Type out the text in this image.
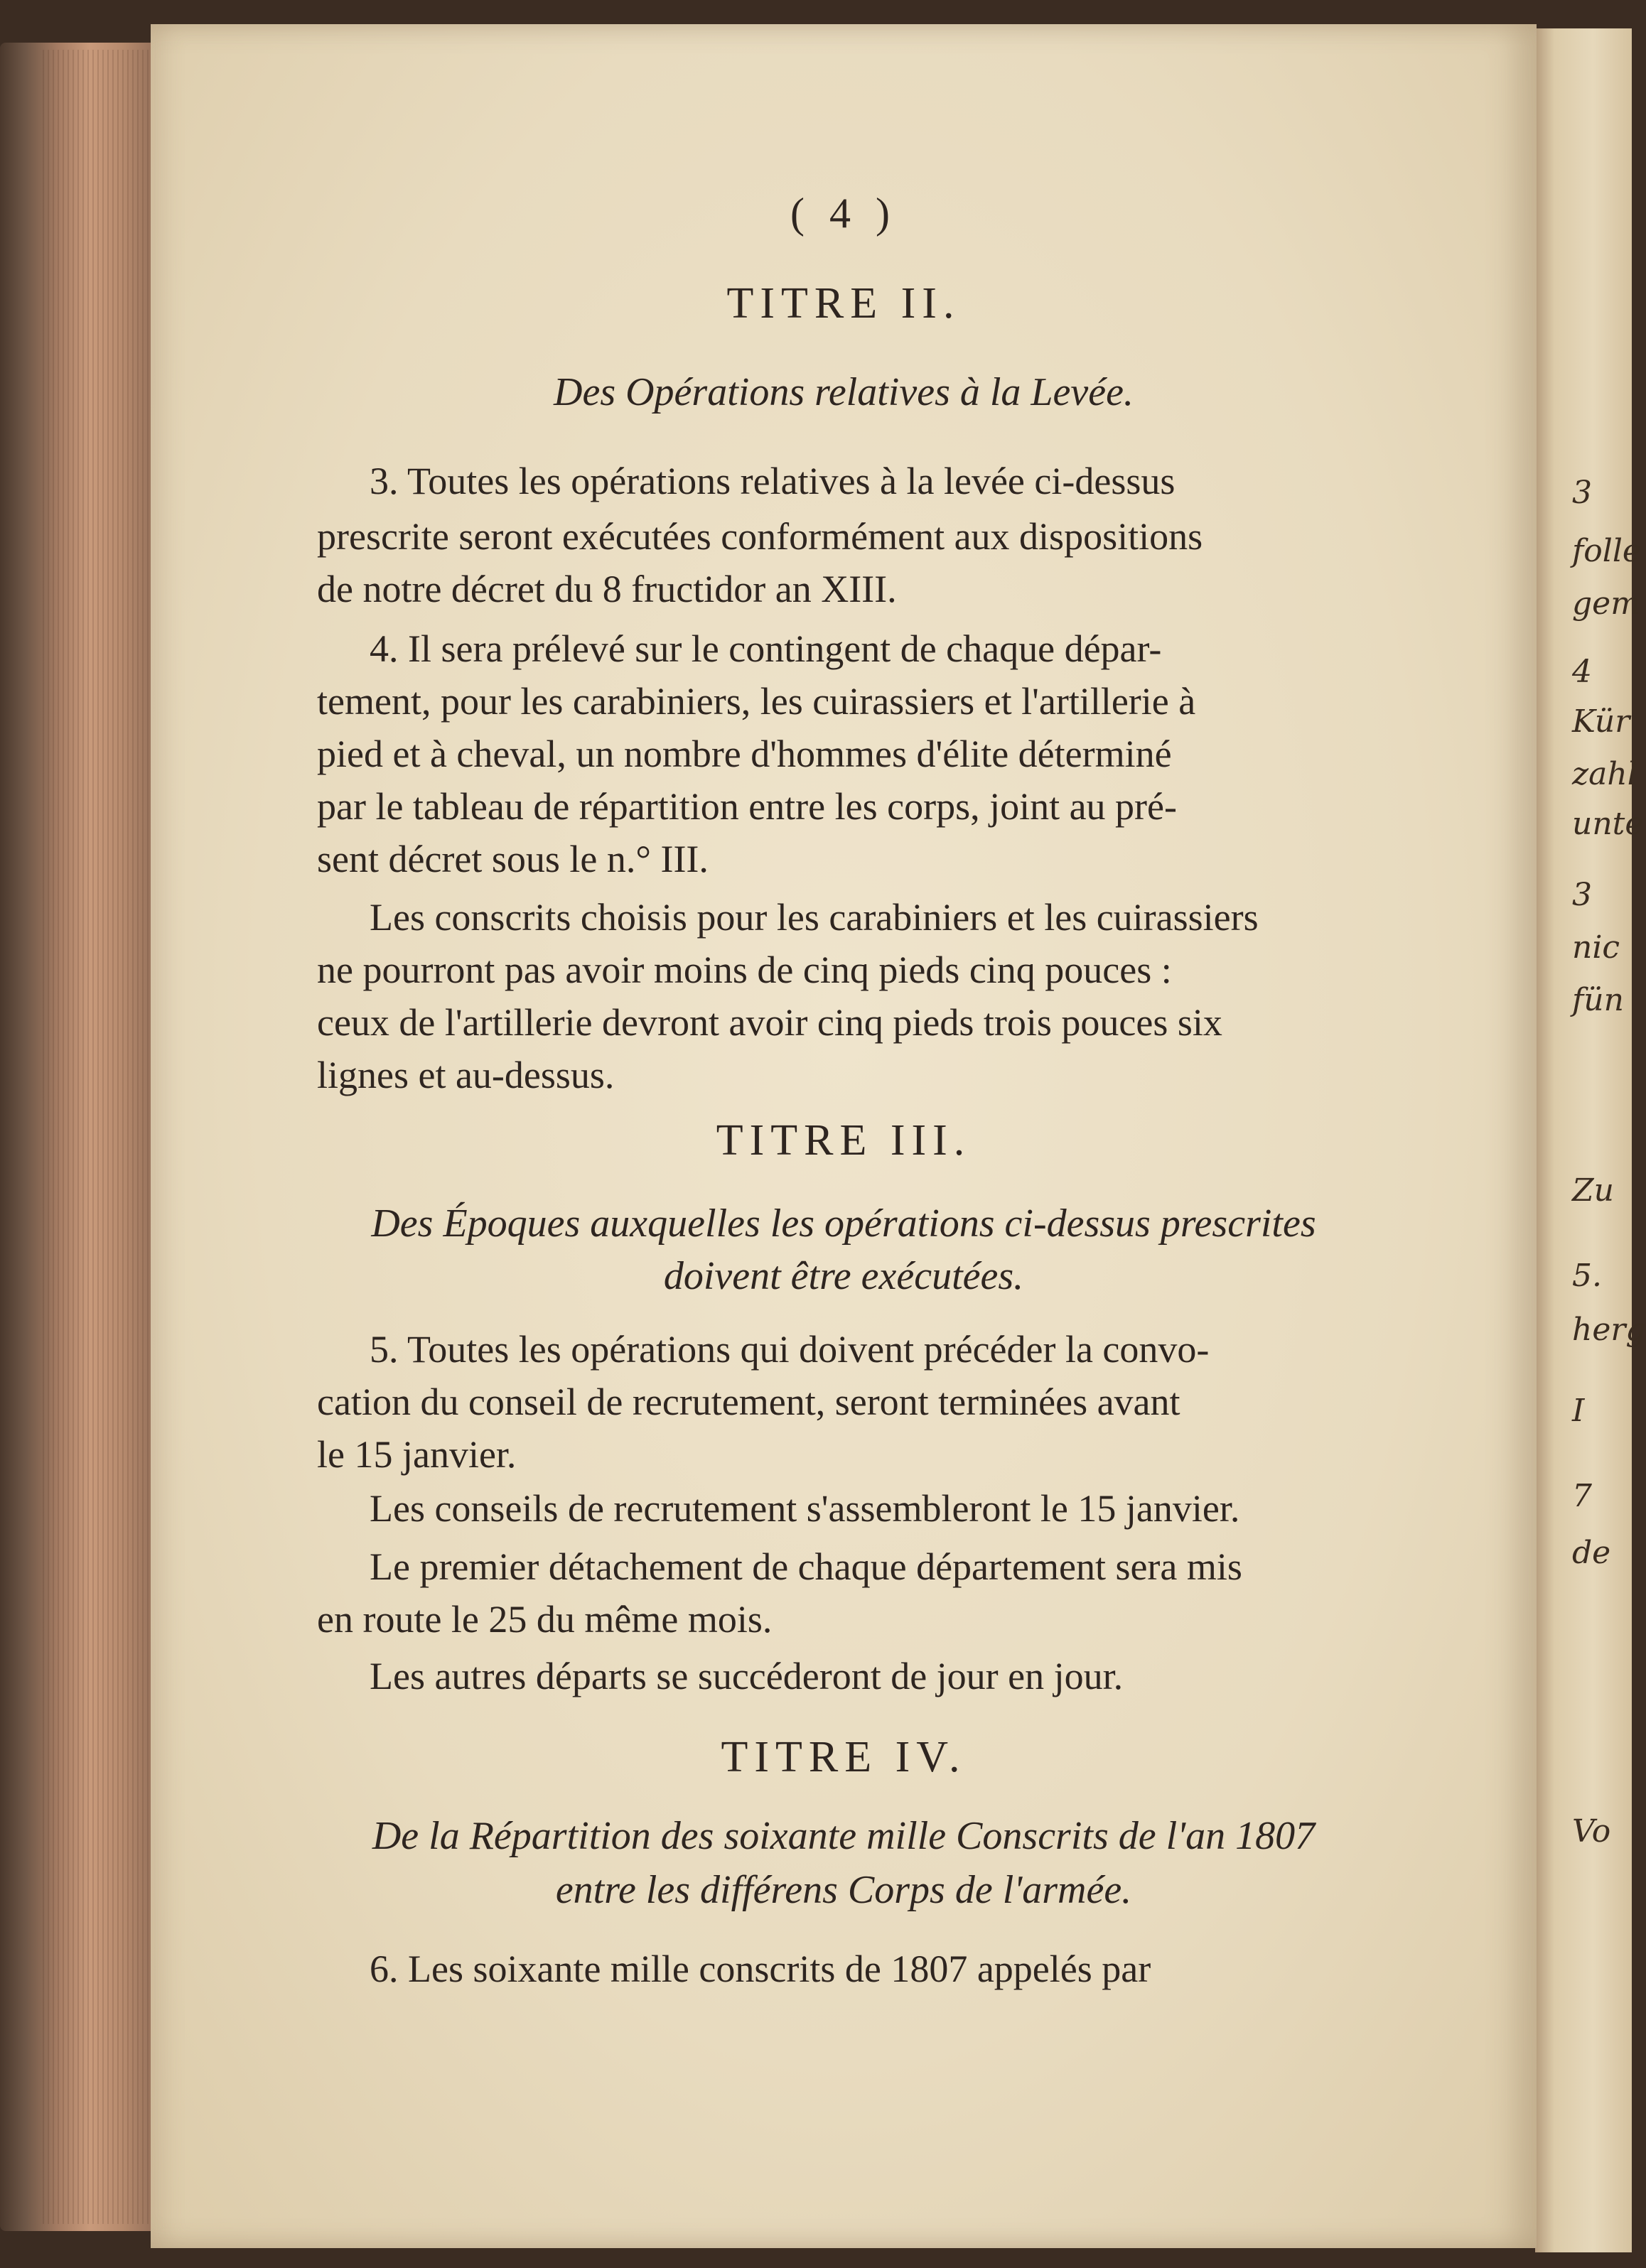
3
folle
gem
4
Kür
zahl
unte
3
nic
fün
Zu
5.
herg
I
7
de
Vo
( 4 )
TITRE II.
Des Opérations relatives à la Levée.
3. Toutes les opérations relatives à la levée ci-dessus
prescrite seront exécutées conformément aux dispositions
de notre décret du 8 fructidor an XIII.
4. Il sera prélevé sur le contingent de chaque dépar-
tement, pour les carabiniers, les cuirassiers et l'artillerie à
pied et à cheval, un nombre d'hommes d'élite déterminé
par le tableau de répartition entre les corps, joint au pré-
sent décret sous le n.° III.
Les conscrits choisis pour les carabiniers et les cuirassiers
ne pourront pas avoir moins de cinq pieds cinq pouces :
ceux de l'artillerie devront avoir cinq pieds trois pouces six
lignes et au-dessus.
TITRE III.
Des Époques auxquelles les opérations ci-dessus prescrites
doivent être exécutées.
5. Toutes les opérations qui doivent précéder la convo-
cation du conseil de recrutement, seront terminées avant
le 15 janvier.
Les conseils de recrutement s'assembleront le 15 janvier.
Le premier détachement de chaque département sera mis
en route le 25 du même mois.
Les autres départs se succéderont de jour en jour.
TITRE IV.
De la Répartition des soixante mille Conscrits de l'an 1807
entre les différens Corps de l'armée.
6. Les soixante mille conscrits de 1807 appelés par
